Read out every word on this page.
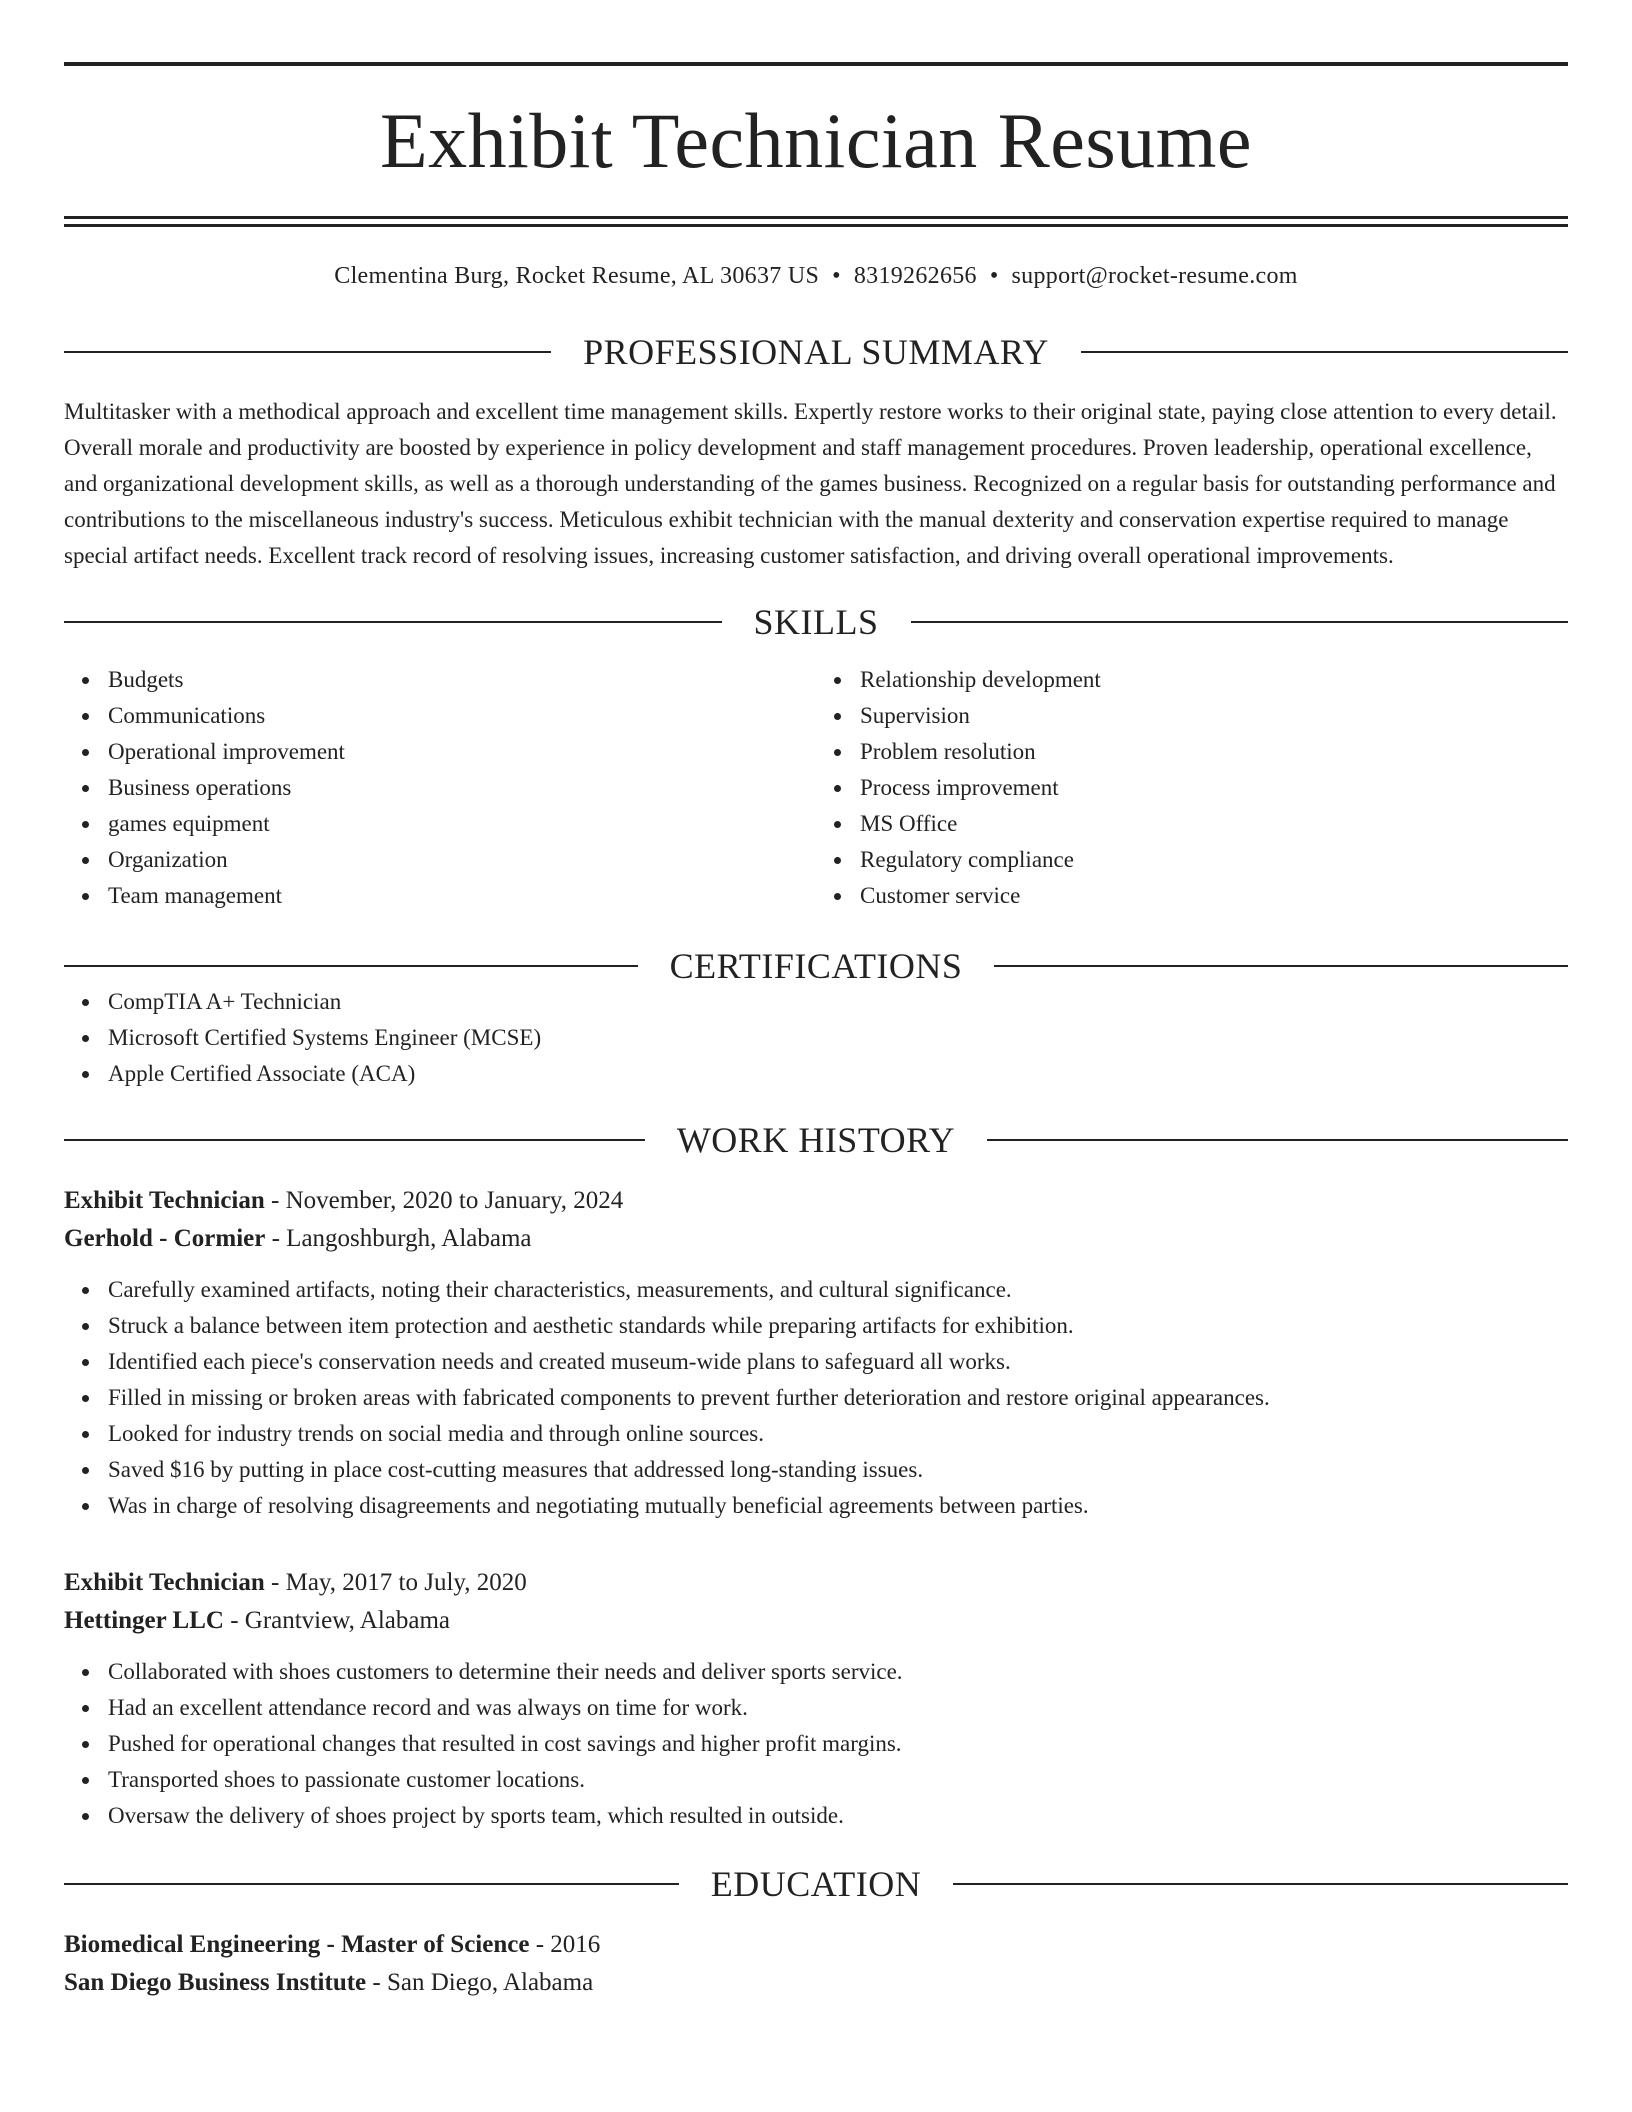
Exhibit Technician Resume
Clementina Burg, Rocket Resume, AL 30637 US • 8319262656 • support@rocket-resume.com
PROFESSIONAL SUMMARY

Multitasker with a methodical approach and excellent time management skills. Expertly restore works to their original state, paying close attention to every detail. Overall morale and productivity are boosted by experience in policy development and staff management procedures. Proven leadership, operational excellence, and organizational development skills, as well as a thorough understanding of the games business. Recognized on a regular basis for outstanding performance and contributions to the miscellaneous industry's success. Meticulous exhibit technician with the manual dexterity and conservation expertise required to manage special artifact needs. Excellent track record of resolving issues, increasing customer satisfaction, and driving overall operational improvements.

SKILLS
Budgets
Communications
Operational improvement
Business operations
games equipment
Organization
Team management
Relationship development
Supervision
Problem resolution
Process improvement
MS Office
Regulatory compliance
Customer service
CERTIFICATIONS
CompTIA A+ Technician
Microsoft Certified Systems Engineer (MCSE)
Apple Certified Associate (ACA)
WORK HISTORY
Exhibit Technician - November, 2020 to January, 2024
Gerhold - Cormier - Langoshburgh, Alabama
Carefully examined artifacts, noting their characteristics, measurements, and cultural significance.
Struck a balance between item protection and aesthetic standards while preparing artifacts for exhibition.
Identified each piece's conservation needs and created museum-wide plans to safeguard all works.
Filled in missing or broken areas with fabricated components to prevent further deterioration and restore original appearances.
Looked for industry trends on social media and through online sources.
Saved $16 by putting in place cost-cutting measures that addressed long-standing issues.
Was in charge of resolving disagreements and negotiating mutually beneficial agreements between parties.
Exhibit Technician - May, 2017 to July, 2020
Hettinger LLC - Grantview, Alabama
Collaborated with shoes customers to determine their needs and deliver sports service.
Had an excellent attendance record and was always on time for work.
Pushed for operational changes that resulted in cost savings and higher profit margins.
Transported shoes to passionate customer locations.
Oversaw the delivery of shoes project by sports team, which resulted in outside.
EDUCATION
Biomedical Engineering - Master of Science - 2016
San Diego Business Institute - San Diego, Alabama
